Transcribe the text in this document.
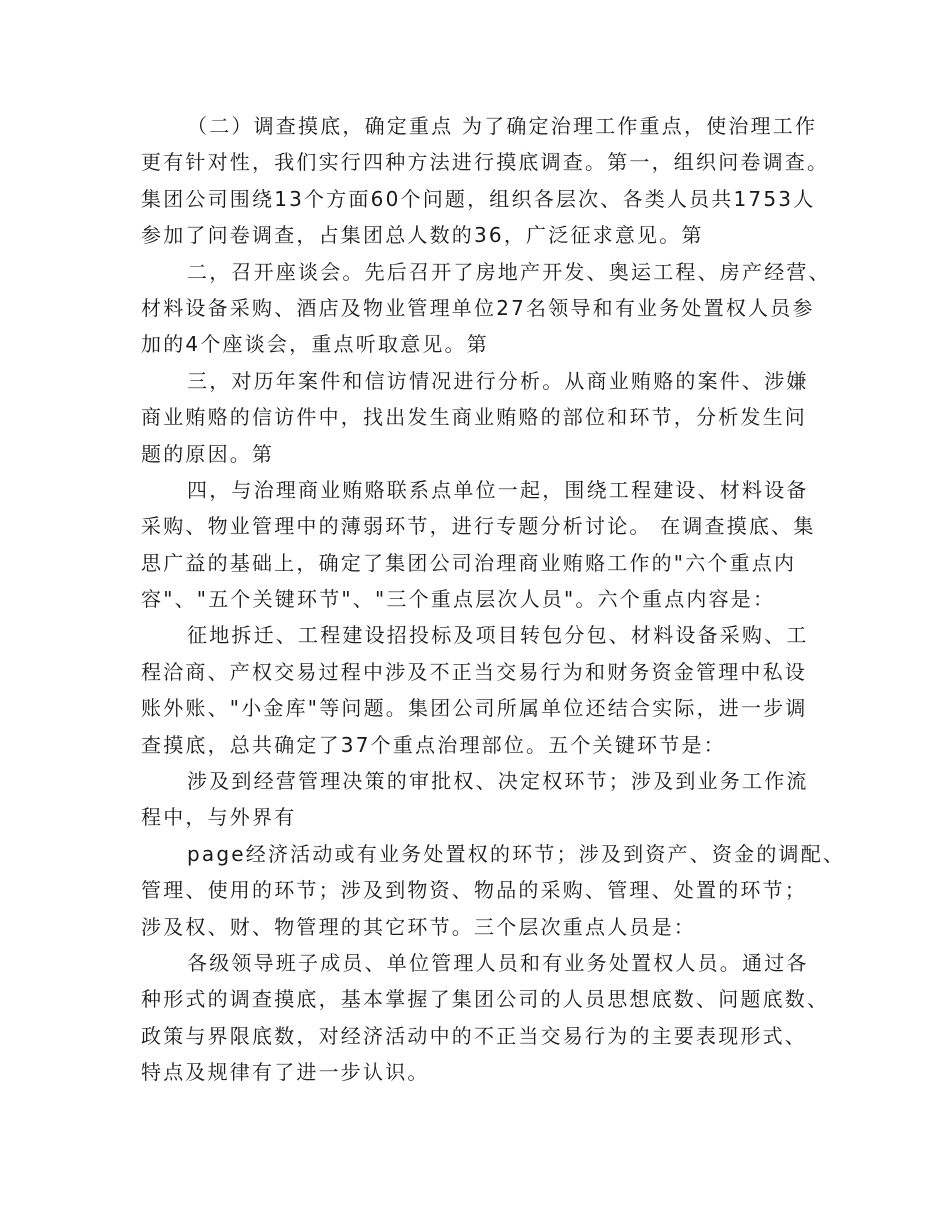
（二）调查摸底，确定重点 为了确定治理工作重点，使治理工作
更有针对性，我们实行四种方法进行摸底调查。第一，组织问卷调查。
集团公司围绕13个方面60个问题，组织各层次、各类人员共1753人
参加了问卷调查，占集团总人数的36，广泛征求意见。第
二，召开座谈会。先后召开了房地产开发、奥运工程、房产经营、
材料设备采购、酒店及物业管理单位27名领导和有业务处置权人员参
加的4个座谈会，重点听取意见。第
三，对历年案件和信访情况进行分析。从商业贿赂的案件、涉嫌
商业贿赂的信访件中，找出发生商业贿赂的部位和环节，分析发生问
题的原因。第
四，与治理商业贿赂联系点单位一起，围绕工程建设、材料设备
采购、物业管理中的薄弱环节，进行专题分析讨论。 在调查摸底、集
思广益的基础上，确定了集团公司治理商业贿赂工作的"六个重点内
容"、"五个关键环节"、"三个重点层次人员"。六个重点内容是：
征地拆迁、工程建设招投标及项目转包分包、材料设备采购、工
程洽商、产权交易过程中涉及不正当交易行为和财务资金管理中私设
账外账、"小金库"等问题。集团公司所属单位还结合实际，进一步调
查摸底，总共确定了37个重点治理部位。五个关键环节是：
涉及到经营管理决策的审批权、决定权环节；涉及到业务工作流
程中，与外界有
page经济活动或有业务处置权的环节；涉及到资产、资金的调配、
管理、使用的环节；涉及到物资、物品的采购、管理、处置的环节；
涉及权、财、物管理的其它环节。三个层次重点人员是：
各级领导班子成员、单位管理人员和有业务处置权人员。通过各
种形式的调查摸底，基本掌握了集团公司的人员思想底数、问题底数、
政策与界限底数，对经济活动中的不正当交易行为的主要表现形式、
特点及规律有了进一步认识。
